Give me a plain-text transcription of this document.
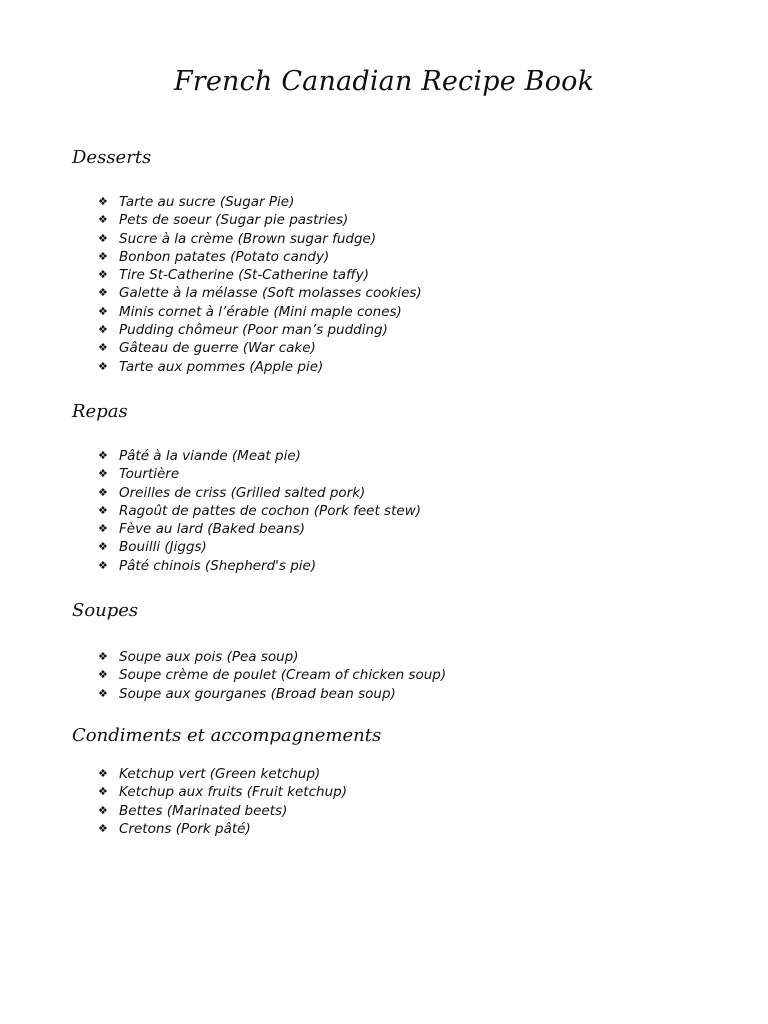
French Canadian Recipe Book
Desserts
❖ Tarte au sucre (Sugar Pie)
❖ Pets de soeur (Sugar pie pastries)
❖ Sucre à la crème (Brown sugar fudge)
❖ Bonbon patates (Potato candy)
❖ Tire St-Catherine (St-Catherine taffy)
❖ Galette à la mélasse (Soft molasses cookies)
❖ Minis cornet à l’érable (Mini maple cones)
❖ Pudding chômeur (Poor man’s pudding)
❖ Gâteau de guerre (War cake)
❖ Tarte aux pommes (Apple pie)
Repas
❖ Pâté à la viande (Meat pie)
❖ Tourtière
❖ Oreilles de criss (Grilled salted pork)
❖ Ragoût de pattes de cochon (Pork feet stew)
❖ Fève au lard (Baked beans)
❖ Bouilli (Jiggs)
❖ Pâté chinois (Shepherd's pie)
Soupes
❖ Soupe aux pois (Pea soup)
❖ Soupe crème de poulet (Cream of chicken soup)
❖ Soupe aux gourganes (Broad bean soup)
Condiments et accompagnements
❖ Ketchup vert (Green ketchup)
❖ Ketchup aux fruits (Fruit ketchup)
❖ Bettes (Marinated beets)
❖ Cretons (Pork pâté)
